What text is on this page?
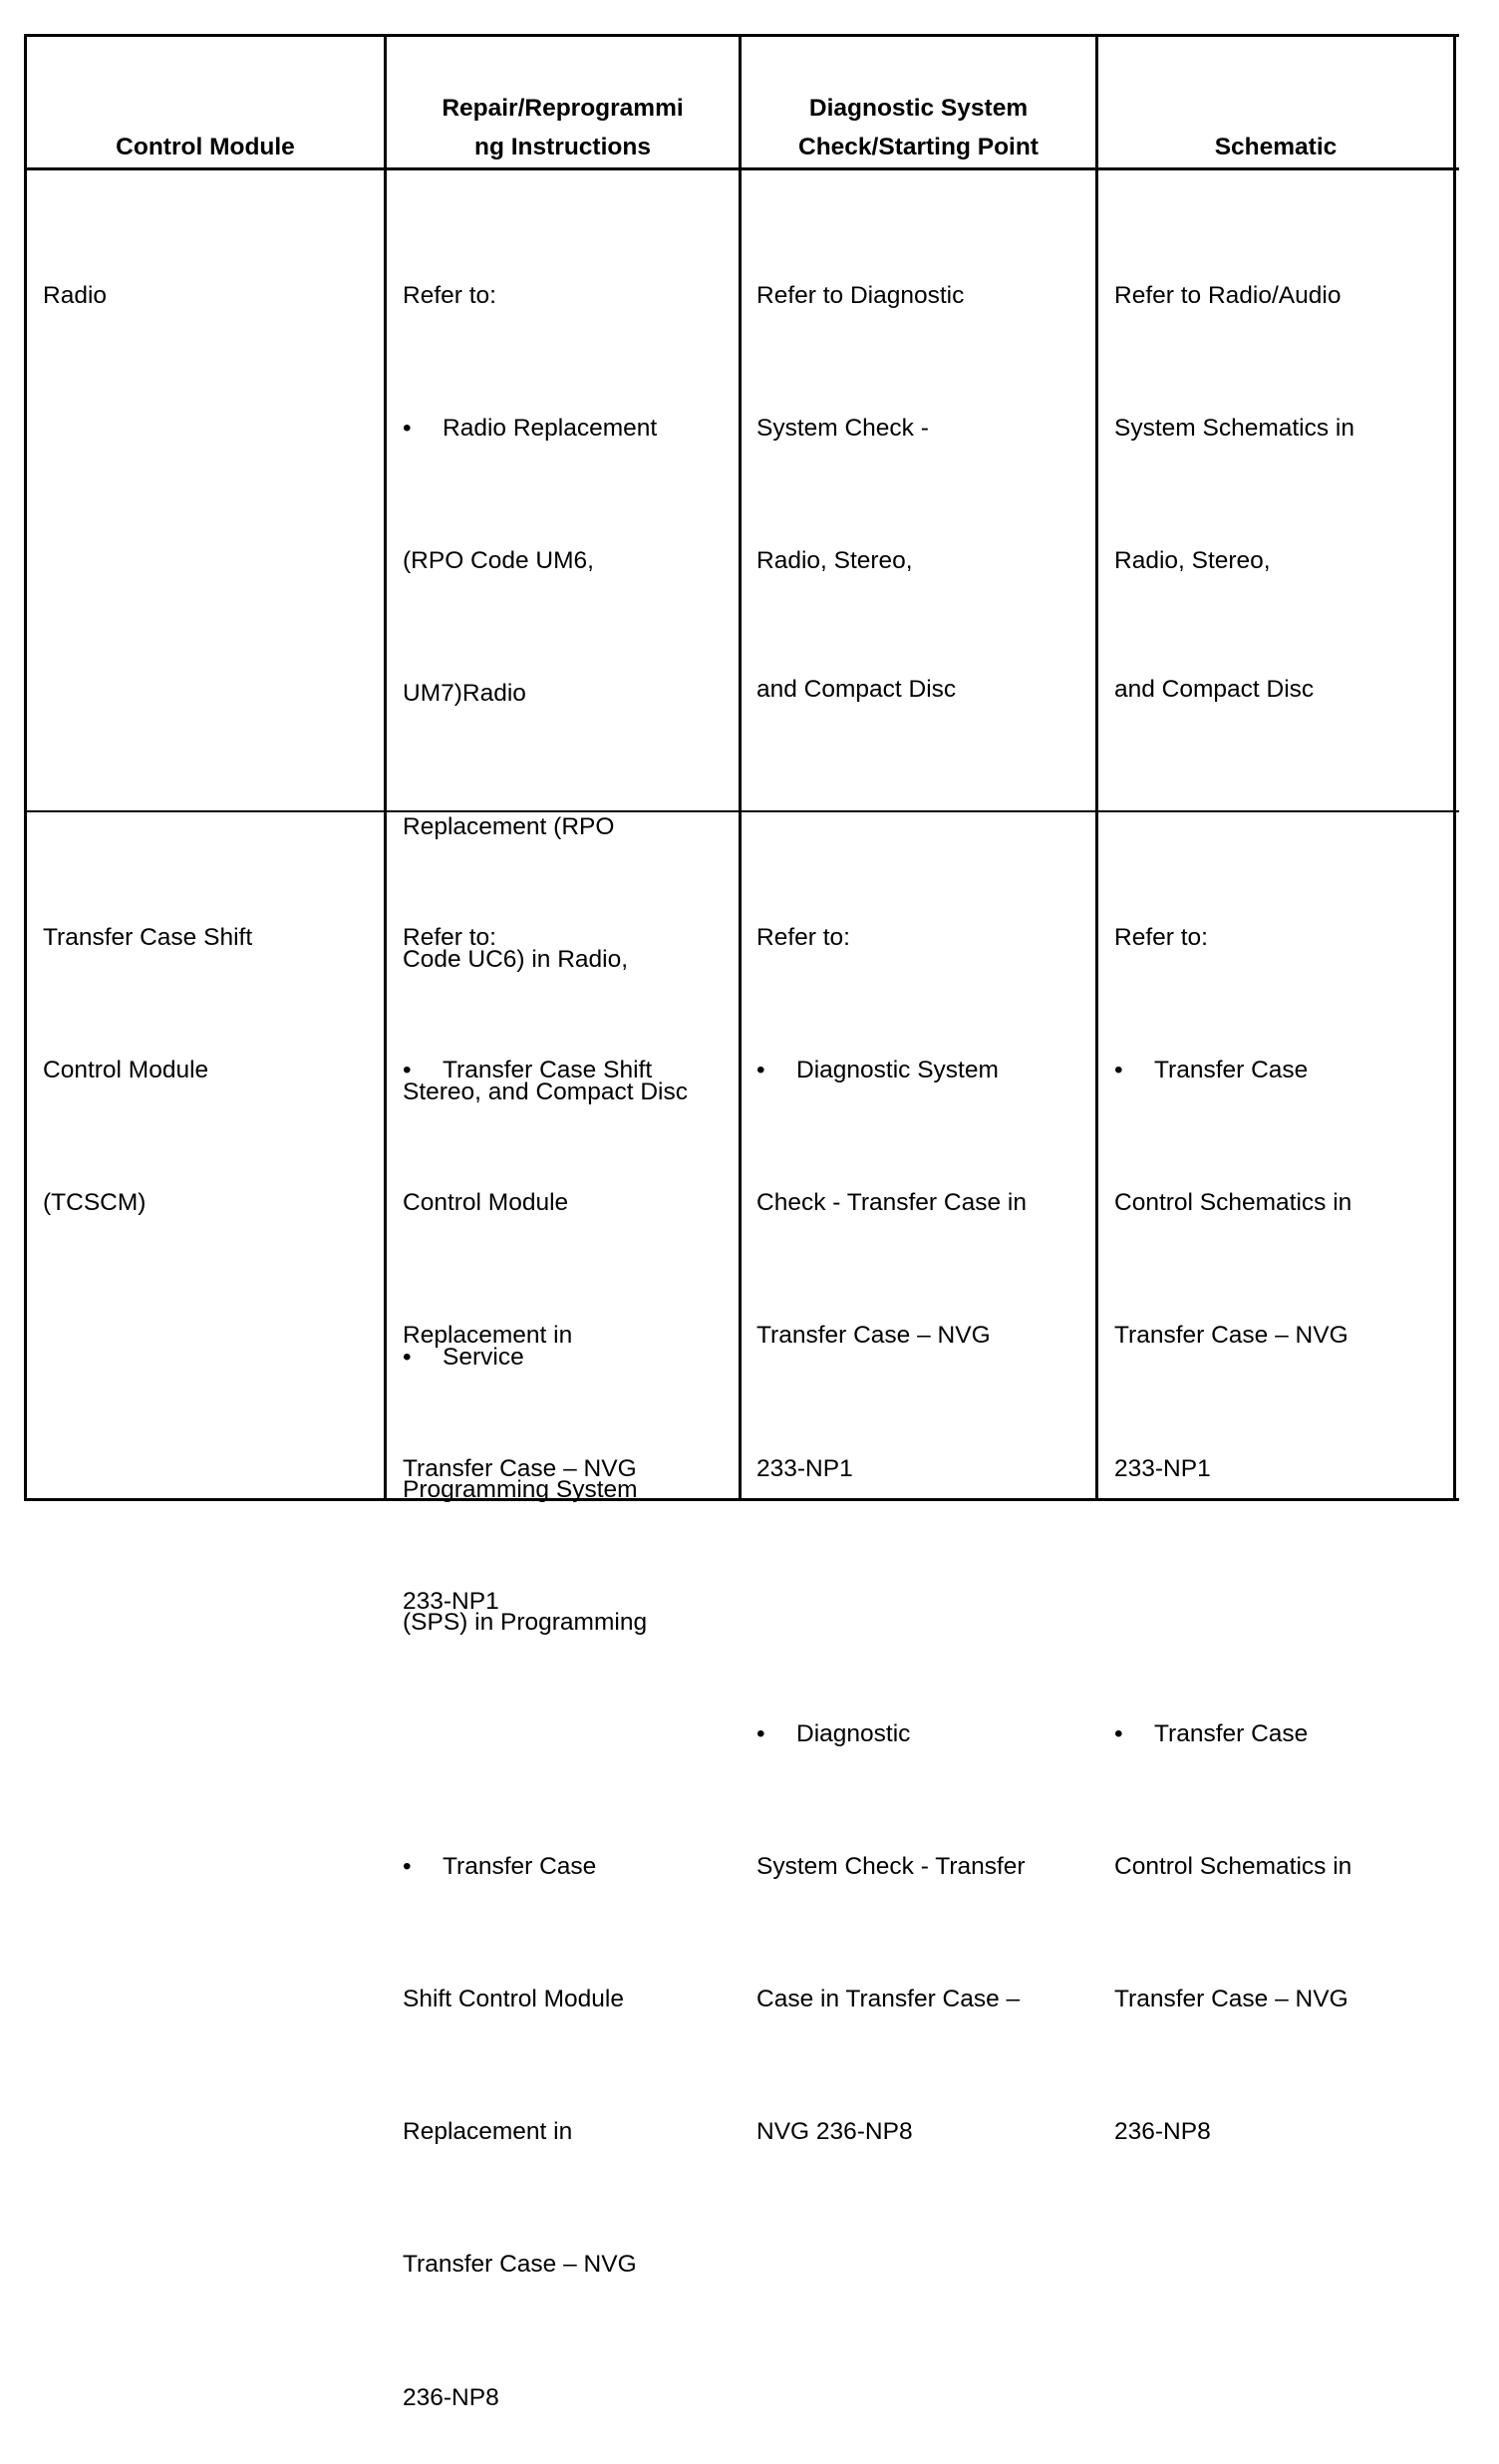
Control Module
Repair/Reprogrammi
ng Instructions
Diagnostic System
Check/Starting Point	Schematic

Radio

	Refer to:

• Radio Replacement

(RPO Code UM6,

UM7)Radio

Replacement (RPO

Code UC6) in Radio,

Stereo, and Compact Disc

• Service

Programming System

(SPS) in Programming

Refer to Diagnostic

System Check -

Radio, Stereo,

and Compact Disc

Refer to Radio/Audio

System Schematics in

Radio, Stereo,

and Compact Disc

Transfer Case Shift

Control Module

(TCSCM)

Refer to:

• Transfer Case Shift

Control Module

Replacement in

Transfer Case – NVG

233-NP1

• Transfer Case

Shift Control Module

Replacement in

Transfer Case – NVG

236-NP8

Refer to:

• Diagnostic System

Check - Transfer Case in

Transfer Case – NVG

233-NP1

• Diagnostic

System Check - Transfer

Case in Transfer Case –

NVG 236-NP8

Refer to:

• Transfer Case

Control Schematics in

Transfer Case – NVG

233-NP1

• Transfer Case

Control Schematics in

Transfer Case – NVG

236-NP8
